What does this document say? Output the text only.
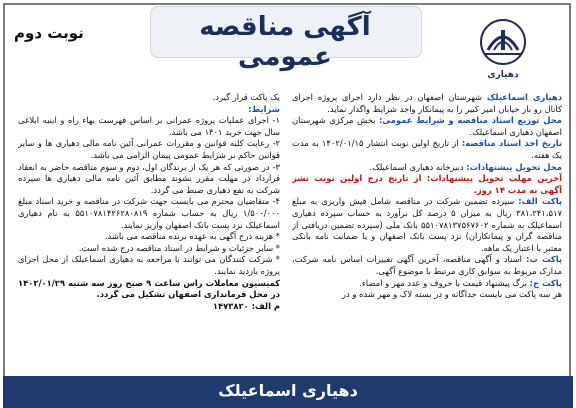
آگهی مناقصه عمومی
نوبت دوم
دهیاری

دهیاری اسماعیلک شهرستان اصفهان در نظر دارد اجرای پروژه اجرای کانال رو باز خیابان امیر کبیر را به پیمانکار واجد شرایط واگذار نماید.

محل توزیع اسناد مناقصه و شرایط عمومی: بخش مرکزی شهرستان اصفهان دهیاری اسماعیلک.

تاریخ اخذ اسناد مناقصه: از تاریخ اولین نوبت انتشار ۱۴۰۲/۰۱/۱۵ به مدت یک هفته.

محل تحویل پیشنهادات: دبیرخانه دهیاری اسماعیلک.

آخرین مهلت تحویل پیشنهادات: از تاریخ درج اولین نوبت نشر آگهی به مدت ۱۴ روز.

پاکت الف: سپرده تضمین شرکت در مناقصه شامل فیش واریزی به مبلغ ۳۸۱،۲۴۱،۵۱۷ ریال به میزان ۵ درصد کل برآورد به حساب سپرده دهیاری اسماعیلک به شماره ۵۵۱۰۷۸۱۳۷۵۶۷۶۰۲ بانک ملی (سپرده تضمین دریافتی از مناقصه گران و پیمانکاران) نزد پست بانک اصفهان و یا ضمانت نامه بانکی معتبر با اعتبار یک ماهه.

پاکت ب: اسناد و آگهی مناقصه، آخرین آگهی تغییرات اساس نامه شرکت، مدارک مربوط به سوابق کاری مرتبط با موضوع آگهی.

پاکت ج: برگ پیشنهاد قیمت با حروف و عدد مهر و امضاء.

هر سه پاکت می بایست جداگانه و در بسته لاک و مهر شده و در

یک پاکت قرار گیرد.

شرایط:

۱- اجرای عملیات پروژه عمرانی بر اساس فهرست بهاء راه و ابنیه ابلاغی سال جهت خرید ۱۴۰۱ می باشد.

۲- رعایت کلیه قوانین و مقررات عمرانی آئین نامه مالی دهیاری ها و سایر قوانین حاکم بر شرایط عمومی پیمان الزامی می باشد.

۳- در صورتی که هر یک از برندگان اول، دوم و سوم مناقصه حاضر به انعقاد قرارداد در مهلت مقرر نشوند مطابق آئین نامه مالی دهیاری ها سپرده شرکت به نفع دهیاری ضبط می گردد.

۴- متقاضیان محترم می بایست جهت شرکت در مناقصه و خرید اسناد مبلغ ۱/۵۰۰/۰۰۰ ریال به حساب شماره ۵۵۱۰۷۸۱۴۲۶۲۸۰۸۱۹ به نام دهیاری اسماعیلک نزد پست بانک اصفهان واریز نمایند.

* هزینه درج آگهی به عهده برنده مناقصه می باشد.

* سایر جزئیات و شرایط در اسناد مناقصه درج شده است.

* شرکت کنندگان می توانند با مراجعه به دهیاری اسماعیلک از محل اجرای پروژه بازدید نمایند.

کمیسیون معاملات راس ساعت ۹ صبح روز سه شنبه ۱۴۰۲/۰۱/۲۹ در محل فرمانداری اصفهان تشکیل می گردد.

م الف: ۱۴۷۳۸۲۰

دهیاری اسماعیلک
